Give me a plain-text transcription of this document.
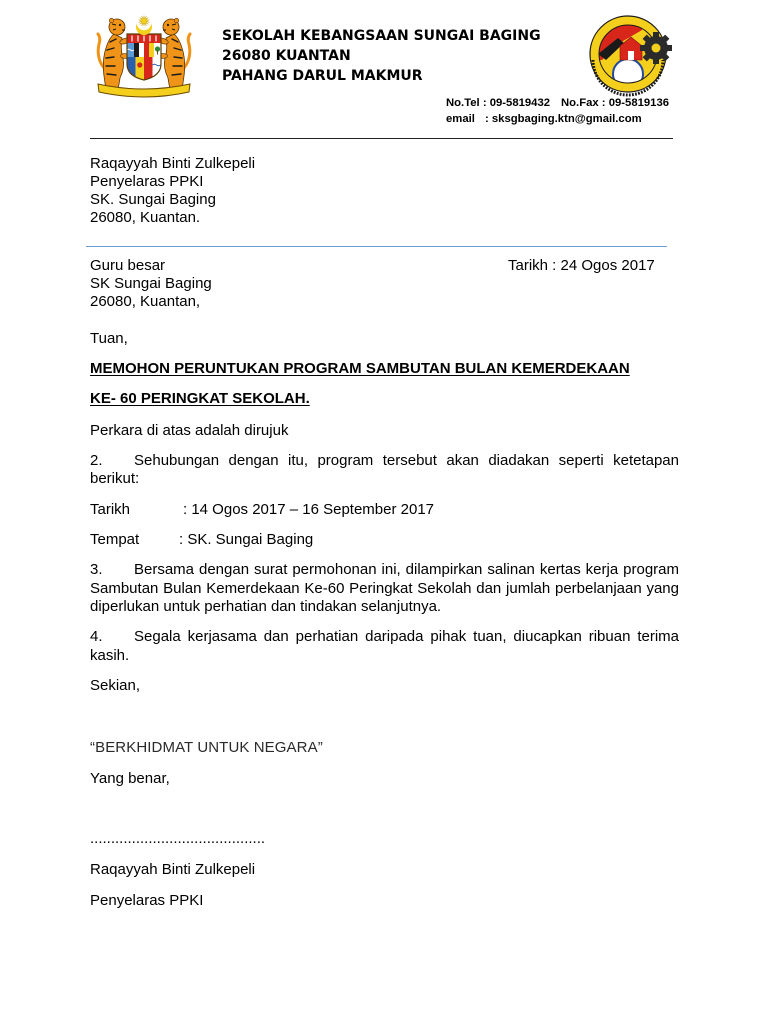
SEKOLAH KEBANGSAAN SUNGAI BAGING
26080 KUANTAN
PAHANG DARUL MAKMUR
No.Tel : 09-5819432 No.Fax : 09-5819136
email : sksgbaging.ktn@gmail.com
Raqayyah Binti Zulkepeli
Penyelaras PPKI
SK. Sungai Baging
26080, Kuantan.
Guru besar
SK Sungai Baging
26080, Kuantan,
Tarikh : 24 Ogos 2017
Tuan,
MEMOHON PERUNTUKAN PROGRAM SAMBUTAN BULAN KEMERDEKAAN
KE- 60 PERINGKAT SEKOLAH.
Perkara di atas adalah dirujuk

2. Sehubungan dengan itu, program tersebut akan diadakan seperti ketetapan berikut:

Tarikh	: 14 Ogos 2017 – 16 September 2017
Tempat	: SK. Sungai Baging

3. Bersama dengan surat permohonan ini, dilampirkan salinan kertas kerja program Sambutan Bulan Kemerdekaan Ke-60 Peringkat Sekolah dan jumlah perbelanjaan yang diperlukan untuk perhatian dan tindakan selanjutnya.

4. Segala kerjasama dan perhatian daripada pihak tuan, diucapkan ribuan terima kasih.

Sekian,
“BERKHIDMAT UNTUK NEGARA”
Yang benar,
..........................................
Raqayyah Binti Zulkepeli
Penyelaras PPKI
